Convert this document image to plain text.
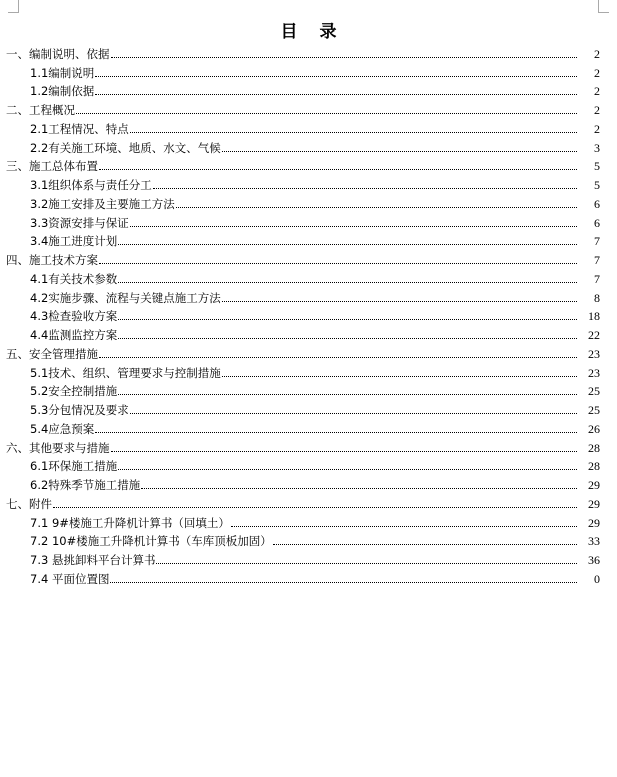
目录
一、编制说明、依据	2
1.1编制说明	2
1.2编制依据	2
二、工程概况	2
2.1工程情况、特点	2
2.2有关施工环境、地质、水文、气候	3
三、施工总体布置	5
3.1组织体系与责任分工	5
3.2施工安排及主要施工方法	6
3.3资源安排与保证	6
3.4施工进度计划	7
四、施工技术方案	7
4.1有关技术参数	7
4.2实施步骤、流程与关键点施工方法	8
4.3检查验收方案	18
4.4监测监控方案	22
五、安全管理措施	23
5.1技术、组织、管理要求与控制措施	23
5.2安全控制措施	25
5.3分包情况及要求	25
5.4应急预案	26
六、其他要求与措施	28
6.1环保施工措施	28
6.2特殊季节施工措施	29
七、附件	29
7.1 9#楼施工升降机计算书（回填土）	29
7.2 10#楼施工升降机计算书（车库顶板加固）	33
7.3 悬挑卸料平台计算书	36
7.4 平面位置图	0
